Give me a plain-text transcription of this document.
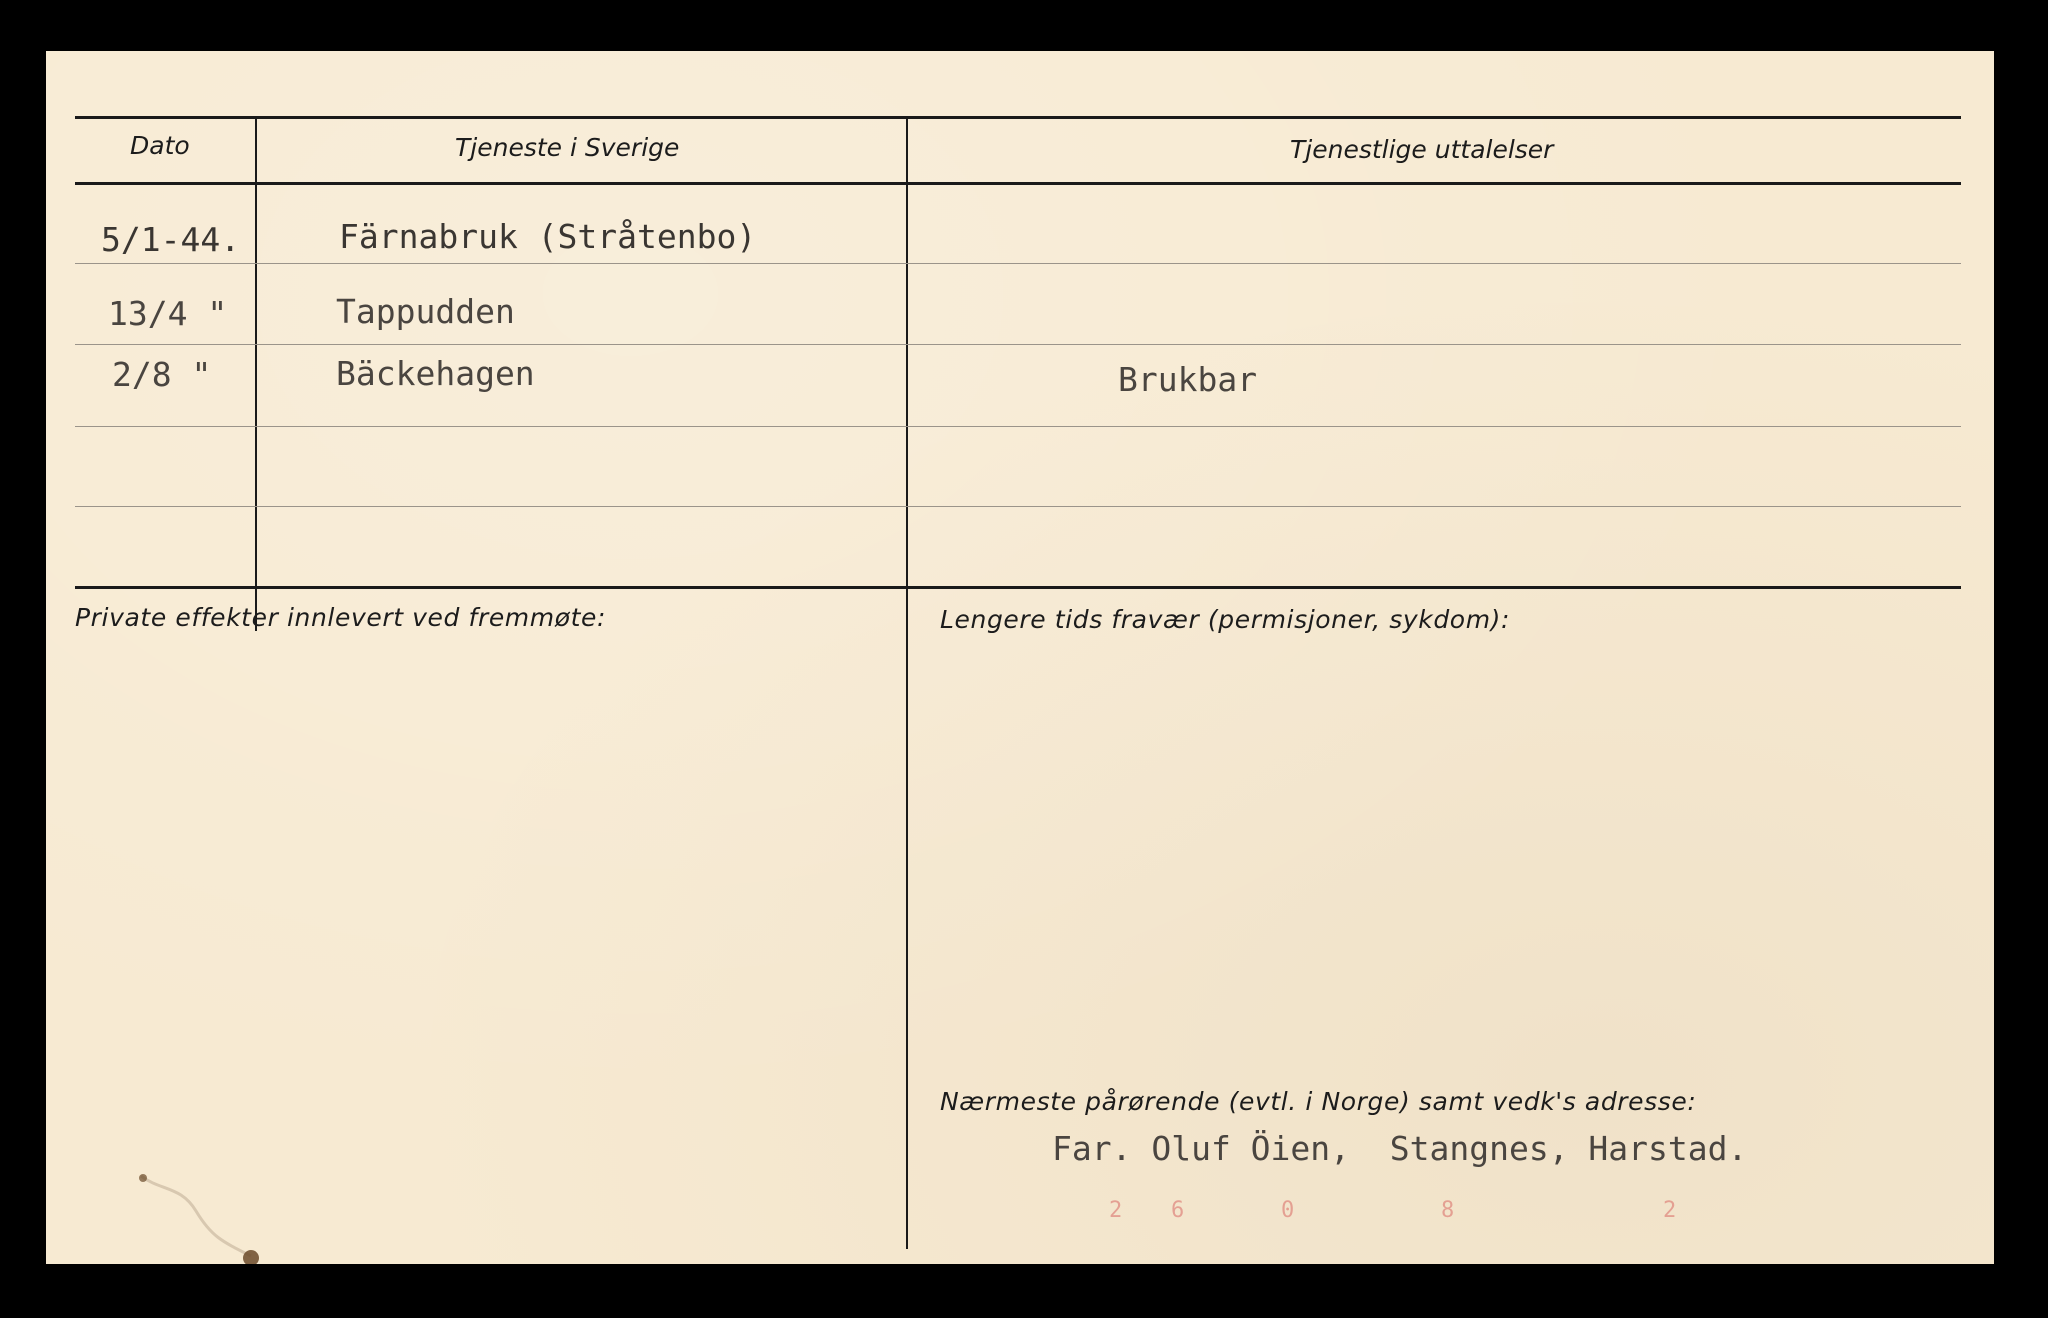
Dato	Tjeneste i Sverige	Tjenestlige uttalelser
5/1-44.	Färnabruk (Stråtenbo)
13/4 "	Tappudden
2/8 "	Bäckehagen	Brukbar
Private effekter innlevert ved fremmøte:	Lengere tids fravær (permisjoner, sykdom):
Nærmeste pårørende (evtl. i Norge) samt vedk's adresse:
Far. Oluf Öien,  Stangnes, Harstad.
2 6	0	8	2
